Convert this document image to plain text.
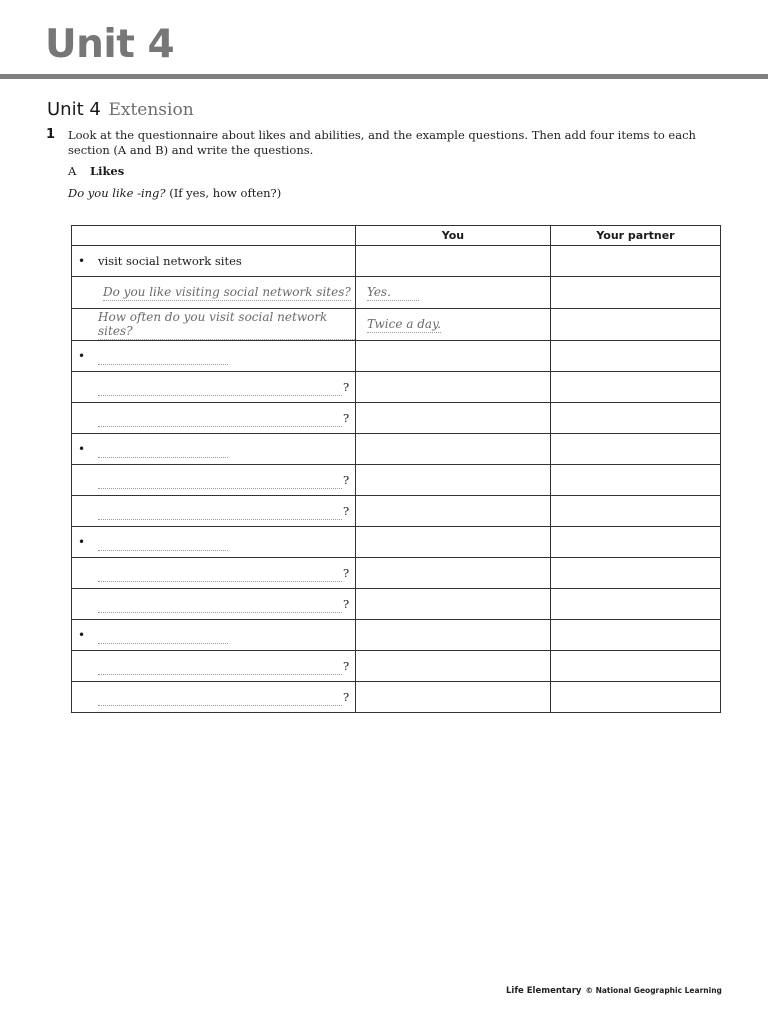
Unit 4
Unit 4 Extension
1 Look at the questionnaire about likes and abilities, and the example questions. Then add four items to each section (A and B) and write the questions.
A Likes
Do you like -ing? (If yes, how often?)
	You	Your partner

• visit social network sites		

Do you like visiting social network sites?	Yes.	

How often do you visit social network sites?	Twice a day.	

•		

?		

?		

•		

?		

?		

•		

?		

?		

•		

?		

?		

Life Elementary © National Geographic Learning
